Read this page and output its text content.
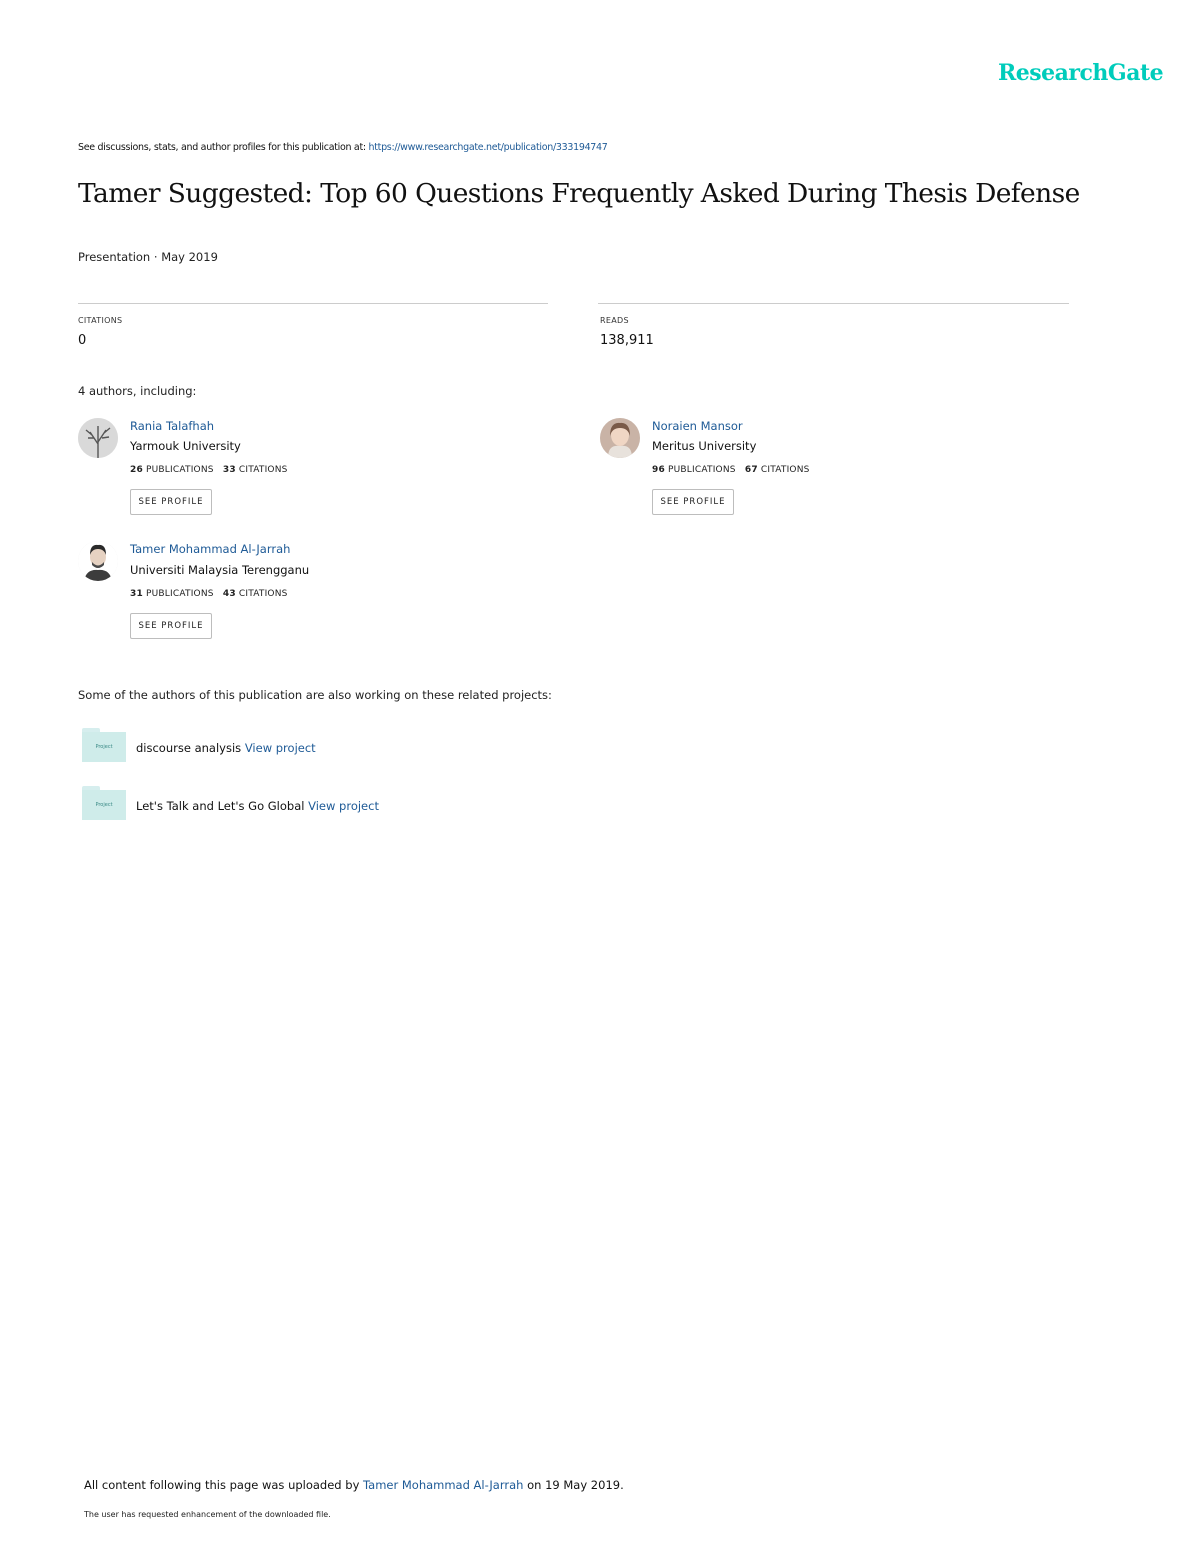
ResearchGate
See discussions, stats, and author profiles for this publication at: https://www.researchgate.net/publication/333194747
Tamer Suggested: Top 60 Questions Frequently Asked During Thesis Defense
Presentation · May 2019
CITATIONS
0
READS
138,911
4 authors, including:
Rania Talafhah
Yarmouk University
26 PUBLICATIONS 33 CITATIONS
SEE PROFILE
Noraien Mansor
Meritus University
96 PUBLICATIONS 67 CITATIONS
SEE PROFILE
Tamer Mohammad Al-Jarrah
Universiti Malaysia Terengganu
31 PUBLICATIONS 43 CITATIONS
SEE PROFILE
Some of the authors of this publication are also working on these related projects:
Project	discourse analysis View project
Project	Let's Talk and Let's Go Global View project
All content following this page was uploaded by Tamer Mohammad Al-Jarrah on 19 May 2019.
The user has requested enhancement of the downloaded file.
